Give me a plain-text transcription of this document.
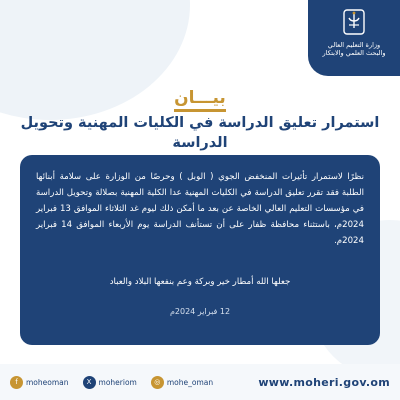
وزارة التعليم العالي
والبحث العلمي والابتكار
بيـــان
استمرار تعليق الدراسة في الكليات المهنية وتحويل الدراسة

نظرًا لاستمرار تأثيرات المنخفض الجوي ( الوبل ) وحرصًا من الوزارة على سلامة أبنائها الطلبة فقد تقرر تعليق الدراسة في الكليات المهنية عدا الكلية المهنية بصلالة وتحويل الدراسة في مؤسسات التعليم العالي الخاصة عن بعد ما أمكن ذلك ليوم غد الثلاثاء الموافق 13 فبراير 2024م، باستثناء محافظة ظفار على أن تستأنف الدراسة يوم الأربعاء الموافق 14 فبراير 2024م.

جعلها الله أمطار خير وبركة وعم بنفعها البلاد والعباد

12 فبراير 2024م

f	moheoman	X moheriom	◎ mohe_oman	www.moheri.gov.om
